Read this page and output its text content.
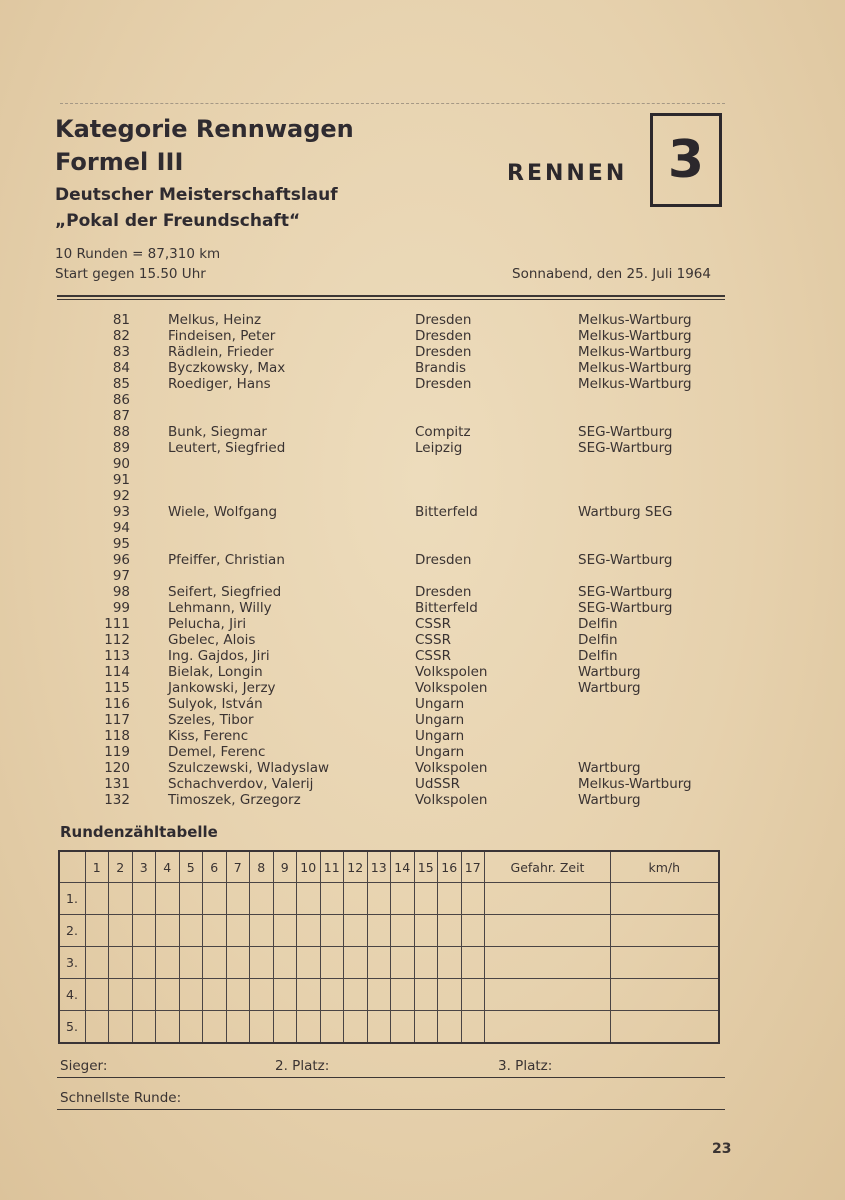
Kategorie Rennwagen
Formel III
Deutscher Meisterschaftslauf
„Pokal der Freundschaft“
10 Runden = 87,310 km
Start gegen 15.50 Uhr
RENNEN 3
Sonnabend, den 25. Juli 1964
81	Melkus, Heinz	Dresden	Melkus-Wartburg
82	Findeisen, Peter	Dresden	Melkus-Wartburg
83	Rädlein, Frieder	Dresden	Melkus-Wartburg
84	Byczkowsky, Max	Brandis	Melkus-Wartburg
85	Roediger, Hans	Dresden	Melkus-Wartburg
86
87
88	Bunk, Siegmar	Compitz	SEG-Wartburg
89	Leutert, Siegfried	Leipzig	SEG-Wartburg
90
91
92
93	Wiele, Wolfgang	Bitterfeld	Wartburg SEG
94
95
96	Pfeiffer, Christian	Dresden	SEG-Wartburg
97
98	Seifert, Siegfried	Dresden	SEG-Wartburg
99	Lehmann, Willy	Bitterfeld	SEG-Wartburg
111	Pelucha, Jiri	CSSR	Delfin
112	Gbelec, Alois	CSSR	Delfin
113	Ing. Gajdos, Jiri	CSSR	Delfin
114	Bielak, Longin	Volkspolen	Wartburg
115	Jankowski, Jerzy	Volkspolen	Wartburg
116	Sulyok, István	Ungarn
117	Szeles, Tibor	Ungarn
118	Kiss, Ferenc	Ungarn
119	Demel, Ferenc	Ungarn
120	Szulczewski, Wladyslaw	Volkspolen	Wartburg
131	Schachverdov, Valerij	UdSSR	Melkus-Wartburg
132	Timoszek, Grzegorz	Volkspolen	Wartburg
Rundenzähltabelle
	1	2	3	4	5	6	7	8	9	10	11	12	13	14	15	16	17	Gefahr. Zeit	km/h
1.																			
2.																			
3.																			
4.																			
5.																			
Sieger:	2. Platz:	3. Platz:
Schnellste Runde:
23
